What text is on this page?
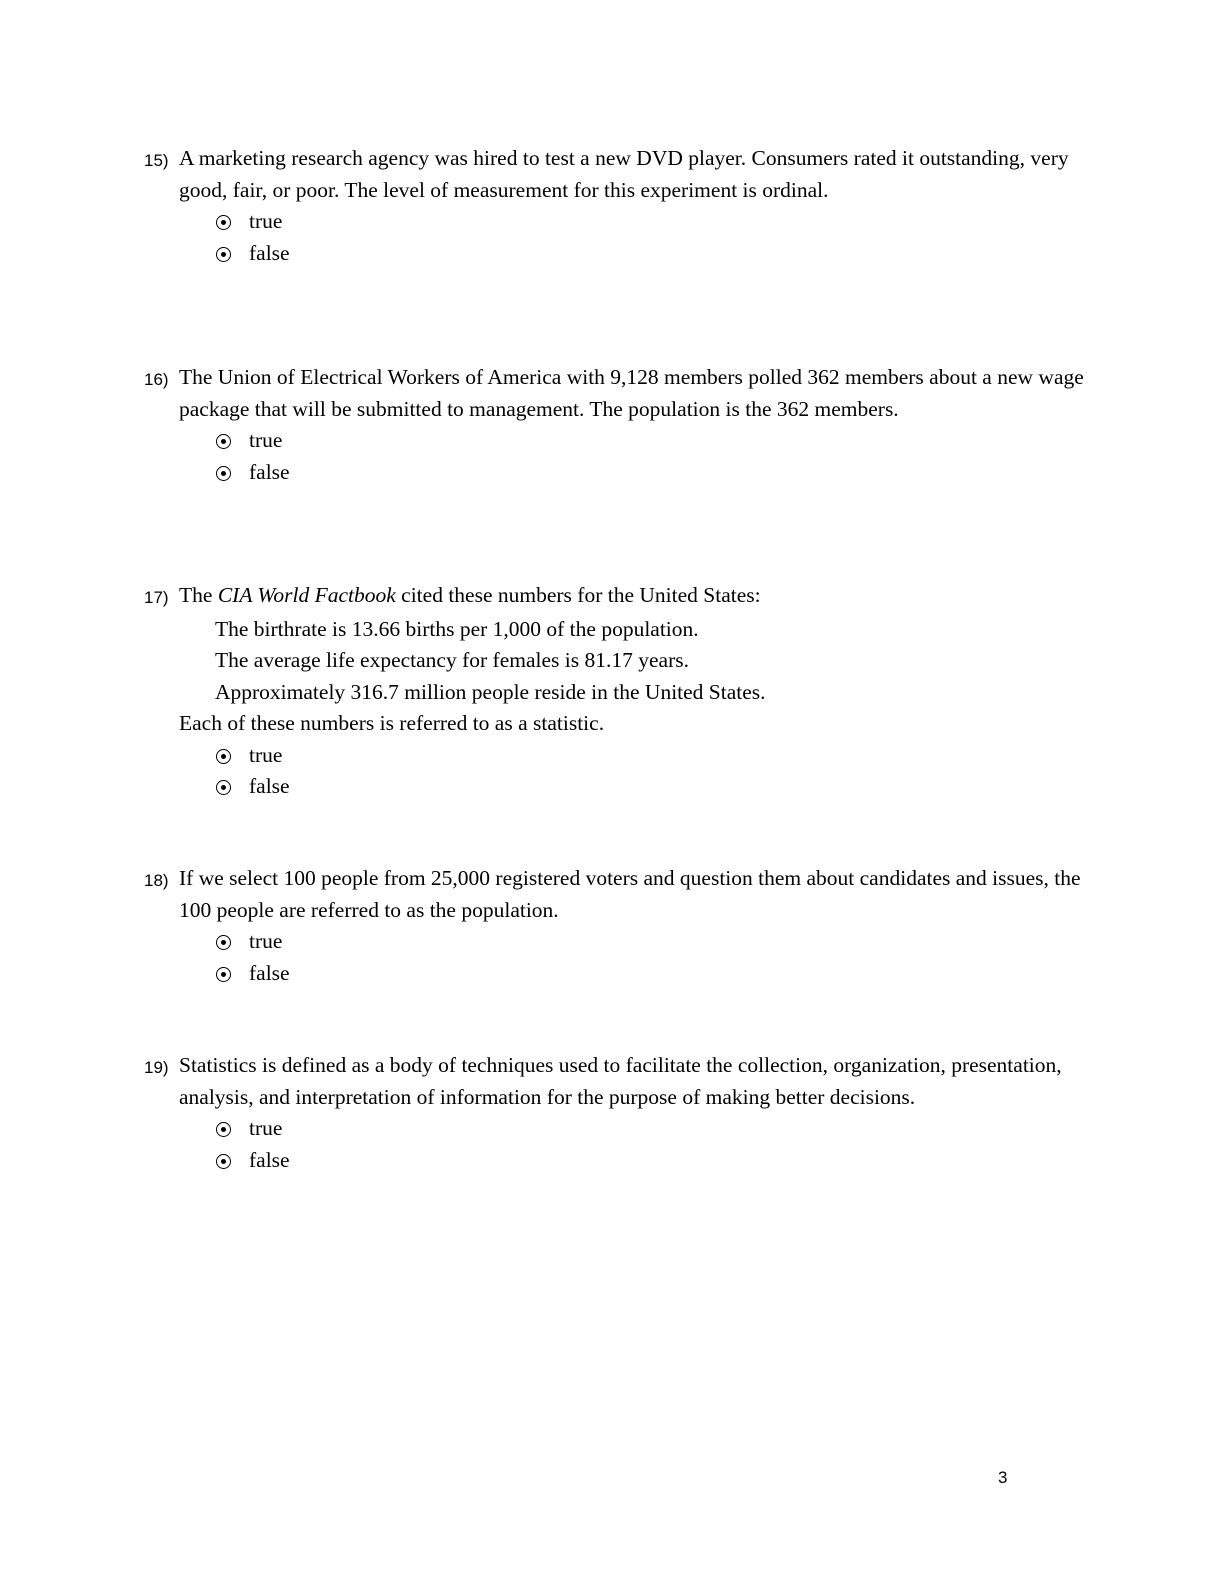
15) A marketing research agency was hired to test a new DVD player. Consumers rated it outstanding, very good, fair, or poor. The level of measurement for this experiment is ordinal.
true
false
16) The Union of Electrical Workers of America with 9,128 members polled 362 members about a new wage package that will be submitted to management. The population is the 362 members.
true
false
17) The CIA World Factbook cited these numbers for the United States:
The birthrate is 13.66 births per 1,000 of the population.
The average life expectancy for females is 81.17 years.
Approximately 316.7 million people reside in the United States.
Each of these numbers is referred to as a statistic.
true
false
18) If we select 100 people from 25,000 registered voters and question them about candidates and issues, the 100 people are referred to as the population.
true
false
19) Statistics is defined as a body of techniques used to facilitate the collection, organization, presentation, analysis, and interpretation of information for the purpose of making better decisions.
true
false
3
